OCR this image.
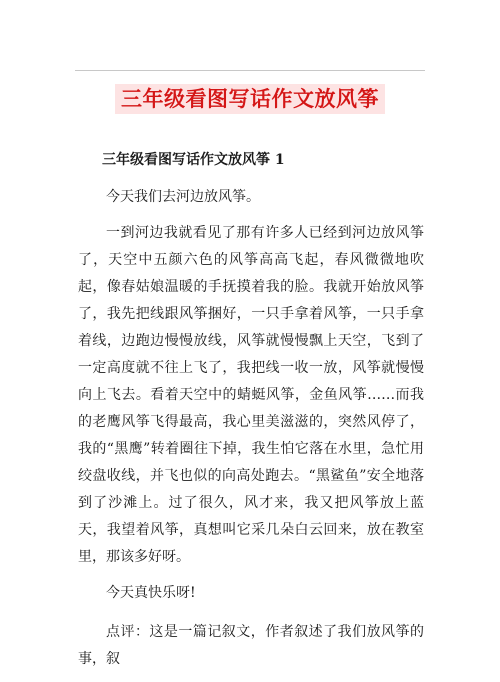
三年级看图写话作文放风筝
三年级看图写话作文放风筝 1

今天我们去河边放风筝。

一到河边我就看见了那有许多人已经到河边放风筝了，天空中五颜六色的风筝高高飞起，春风微微地吹起，像春姑娘温暖的手抚摸着我的脸。我就开始放风筝了，我先把线跟风筝捆好，一只手拿着风筝，一只手拿着线，边跑边慢慢放线，风筝就慢慢飘上天空，飞到了一定高度就不往上飞了，我把线一收一放，风筝就慢慢向上飞去。看着天空中的蜻蜓风筝，金鱼风筝……而我的老鹰风筝飞得最高，我心里美滋滋的，突然风停了，我的“黑鹰”转着圈往下掉，我生怕它落在水里，急忙用绞盘收线，并飞也似的向高处跑去。“黑鲨鱼”安全地落到了沙滩上。过了很久，风才来，我又把风筝放上蓝天，我望着风筝，真想叫它采几朵白云回来，放在教室里，那该多好呀。

今天真快乐呀!

点评：这是一篇记叙文，作者叙述了我们放风筝的事，叙
